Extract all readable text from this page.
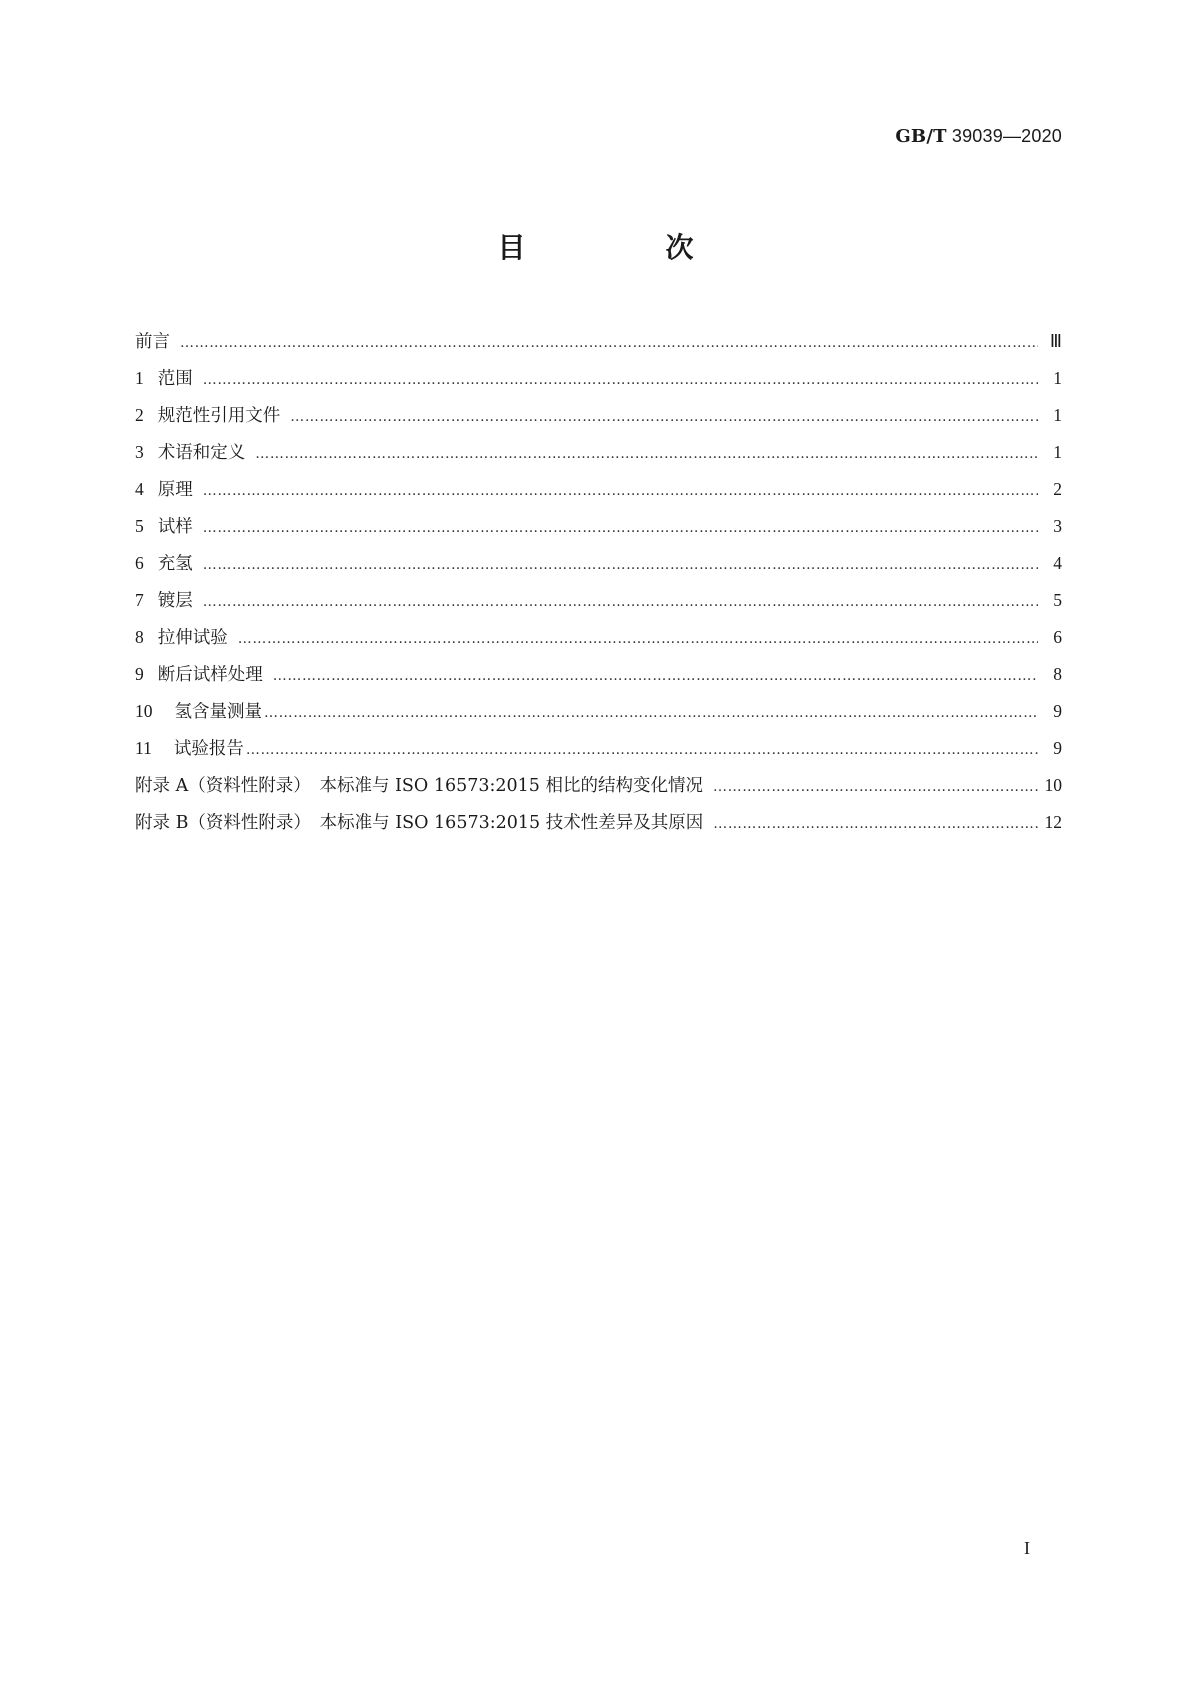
GB/T 39039—2020
目　次
前言 ……………………………………………………………………………………………………………………………………………………………………………………………………	Ⅲ
1 范围 ……………………………………………………………………………………………………………………………………………………………………………………………………	1
2 规范性引用文件 ……………………………………………………………………………………………………………………………………………………………………………………………………	1
3 术语和定义 ……………………………………………………………………………………………………………………………………………………………………………………………………	1
4 原理 ……………………………………………………………………………………………………………………………………………………………………………………………………	2
5 试样 ……………………………………………………………………………………………………………………………………………………………………………………………………	3
6 充氢 ……………………………………………………………………………………………………………………………………………………………………………………………………	4
7 镀层 ……………………………………………………………………………………………………………………………………………………………………………………………………	5
8 拉伸试验 ……………………………………………………………………………………………………………………………………………………………………………………………………	6
9 断后试样处理 ……………………………………………………………………………………………………………………………………………………………………………………………………	8
10 氢含量测量 ……………………………………………………………………………………………………………………………………………………………………………………………………	9
11 试验报告 ……………………………………………………………………………………………………………………………………………………………………………………………………	9
附录 A（资料性附录）　本标准与 ISO 16573:2015 相比的结构变化情况 ……………………………………………………………………………………………………………………………………………………………………………………………………	10
附录 B（资料性附录）　本标准与 ISO 16573:2015 技术性差异及其原因 ……………………………………………………………………………………………………………………………………………………………………………………………………	12
I
